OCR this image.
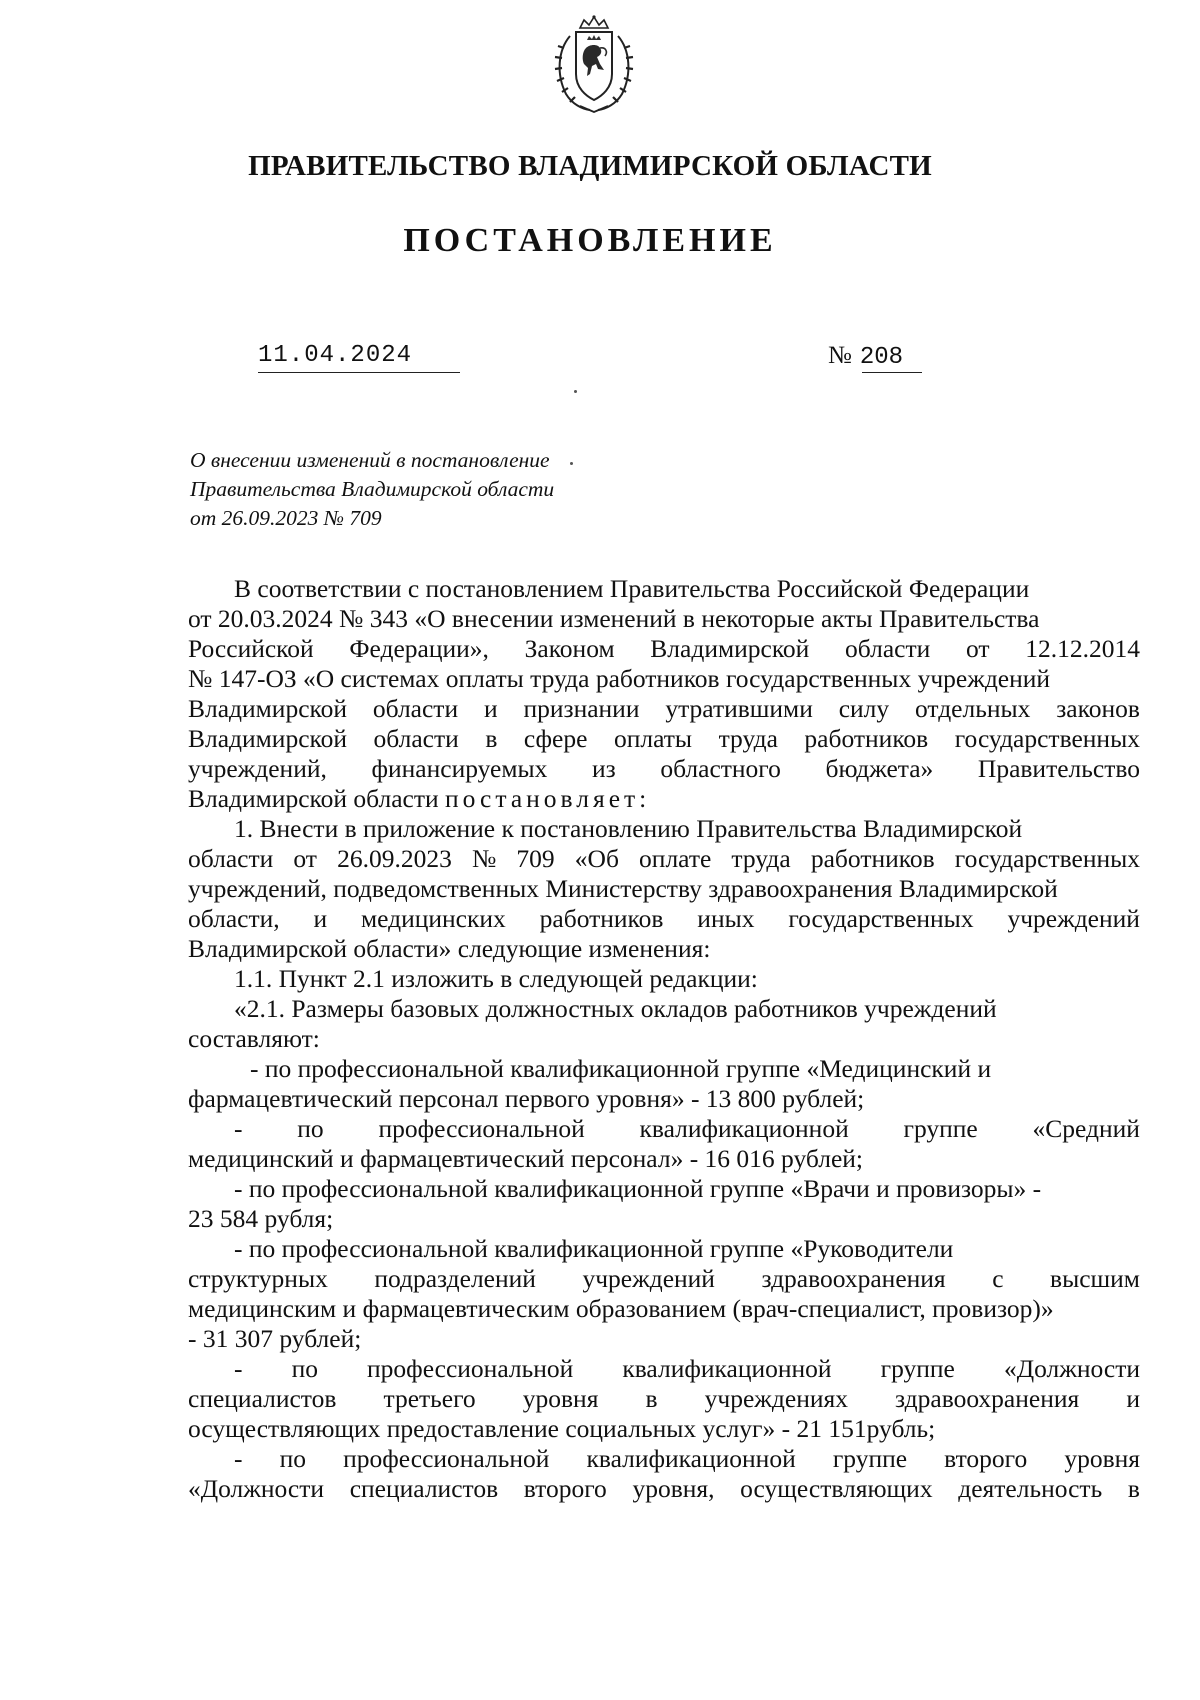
ПРАВИТЕЛЬСТВО ВЛАДИМИРСКОЙ ОБЛАСТИ
ПОСТАНОВЛЕНИЕ
11.04.2024	№ 208
О внесении изменений в постановление
Правительства Владимирской области
от 26.09.2023 № 709
В соответствии с постановлением Правительства Российской Федерации
от 20.03.2024 № 343 «О внесении изменений в некоторые акты Правительства
Российской Федерации», Законом Владимирской области от 12.12.2014
№ 147-ОЗ «О системах оплаты труда работников государственных учреждений
Владимирской области и признании утратившими силу отдельных законов
Владимирской области в сфере оплаты труда работников государственных
учреждений, финансируемых из областного бюджета» Правительство
Владимирской области постановляет:
1. Внести в приложение к постановлению Правительства Владимирской
области от 26.09.2023 № 709 «Об оплате труда работников государственных
учреждений, подведомственных Министерству здравоохранения Владимирской
области, и медицинских работников иных государственных учреждений
Владимирской области» следующие изменения:
1.1. Пункт 2.1 изложить в следующей редакции:
«2.1. Размеры базовых должностных окладов работников учреждений
составляют:
- по профессиональной квалификационной группе «Медицинский и
фармацевтический персонал первого уровня» - 13 800 рублей;
- по профессиональной квалификационной группе «Средний
медицинский и фармацевтический персонал» - 16 016 рублей;
- по профессиональной квалификационной группе «Врачи и провизоры» -
23 584 рубля;
- по профессиональной квалификационной группе «Руководители
структурных подразделений учреждений здравоохранения с высшим
медицинским и фармацевтическим образованием (врач-специалист, провизор)»
- 31 307 рублей;
- по профессиональной квалификационной группе «Должности
специалистов третьего уровня в учреждениях здравоохранения и
осуществляющих предоставление социальных услуг» - 21 151рубль;
- по профессиональной квалификационной группе второго уровня
«Должности специалистов второго уровня, осуществляющих деятельность в
